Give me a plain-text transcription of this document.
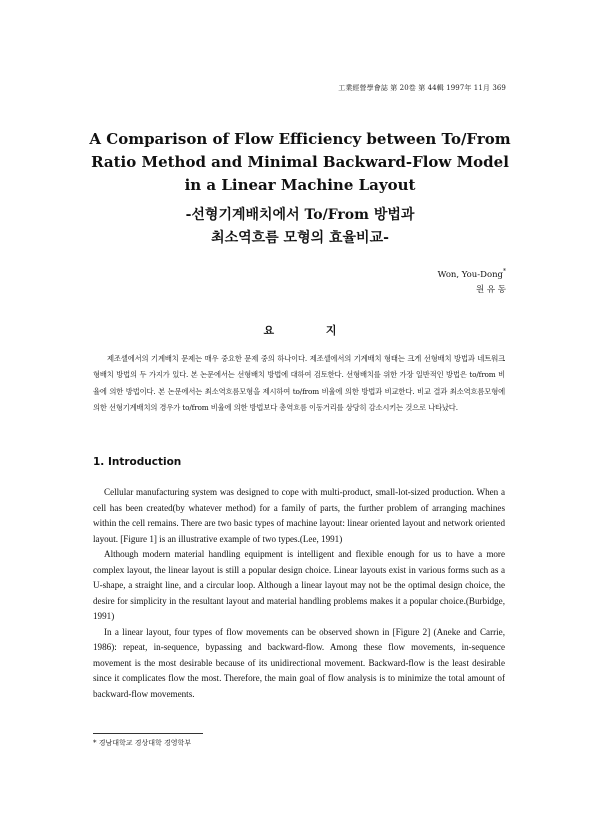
工業經營學會誌 第 20卷 第 44輯 1997年 11月 369
A Comparison of Flow Efficiency between To/From
Ratio Method and Minimal Backward-Flow Model
in a Linear Machine Layout
-선형기계배치에서 To/From 방법과
최소역흐름 모형의 효율비교-
Won, You-Dong*
원 유 동
요 지

제조셀에서의 기계배치 문제는 매우 중요한 문제 중의 하나이다. 제조셀에서의 기계배치 형태는 크게 선형배치 방법과 네트워크형배치 방법의 두 가지가 있다. 본 논문에서는 선형배치 방법에 대하여 검토한다. 선형배치를 위한 가장 일반적인 방법은 to/from 비율에 의한 방법이다. 본 논문에서는 최소역흐름모형을 제시하여 to/from 비율에 의한 방법과 비교한다. 비교 결과 최소역흐름모형에 의한 선형기계배치의 경우가 to/from 비율에 의한 방법보다 총역흐름 이동거리를 상당히 감소시키는 것으로 나타났다.

1. Introduction

Cellular manufacturing system was designed to cope with multi-product, small-lot-sized production. When a cell has been created(by whatever method) for a family of parts, the further problem of arranging machines within the cell remains. There are two basic types of machine layout: linear oriented layout and network oriented layout. [Figure 1] is an illustrative example of two types.(Lee, 1991)

Although modern material handling equipment is intelligent and flexible enough for us to have a more complex layout, the linear layout is still a popular design choice. Linear layouts exist in various forms such as a U-shape, a straight line, and a circular loop. Although a linear layout may not be the optimal design choice, the desire for simplicity in the resultant layout and material handling problems makes it a popular choice.(Burbidge, 1991)

In a linear layout, four types of flow movements can be observed shown in [Figure 2] (Aneke and Carrie, 1986): repeat, in-sequence, bypassing and backward-flow. Among these flow movements, in-sequence movement is the most desirable because of its unidirectional movement. Backward-flow is the least desirable since it complicates flow the most. Therefore, the main goal of flow analysis is to minimize the total amount of backward-flow movements.

* 경남대학교 경상대학 경영학부
